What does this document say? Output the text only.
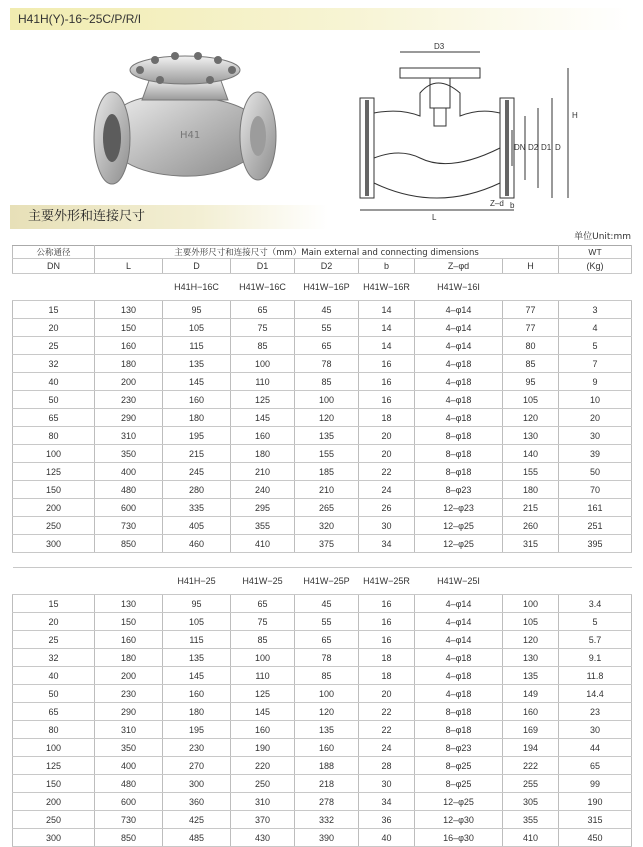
H41H(Y)-16~25C/P/R/I
H41
D3
H
D
D1
D2
DN
L
b
Z–d
主要外形和连接尺寸
单位Unit:mm
公称通径	主要外形尺寸和连接尺寸（mm）Main external and connecting dimensions							WT
DN	L	D	D1	D2	b	Z–φd	H	(Kg)
		H41H−16C	H41W−16C	H41W−16P	H41W−16R	H41W−16I		
15	130	95	65	45	14	4–φ14	77	3
20	150	105	75	55	14	4–φ14	77	4
25	160	115	85	65	14	4–φ14	80	5
32	180	135	100	78	16	4–φ18	85	7
40	200	145	110	85	16	4–φ18	95	9
50	230	160	125	100	16	4–φ18	105	10
65	290	180	145	120	18	4–φ18	120	20
80	310	195	160	135	20	8–φ18	130	30
100	350	215	180	155	20	8–φ18	140	39
125	400	245	210	185	22	8–φ18	155	50
150	480	280	240	210	24	8–φ23	180	70
200	600	335	295	265	26	12–φ23	215	161
250	730	405	355	320	30	12–φ25	260	251
300	850	460	410	375	34	12–φ25	315	395

		H41H−25	H41W−25	H41W−25P	H41W−25R	H41W−25I		
15	130	95	65	45	16	4–φ14	100	3.4
20	150	105	75	55	16	4–φ14	105	5
25	160	115	85	65	16	4–φ14	120	5.7
32	180	135	100	78	18	4–φ18	130	9.1
40	200	145	110	85	18	4–φ18	135	11.8
50	230	160	125	100	20	4–φ18	149	14.4
65	290	180	145	120	22	8–φ18	160	23
80	310	195	160	135	22	8–φ18	169	30
100	350	230	190	160	24	8–φ23	194	44
125	400	270	220	188	28	8–φ25	222	65
150	480	300	250	218	30	8–φ25	255	99
200	600	360	310	278	34	12–φ25	305	190
250	730	425	370	332	36	12–φ30	355	315
300	850	485	430	390	40	16–φ30	410	450
